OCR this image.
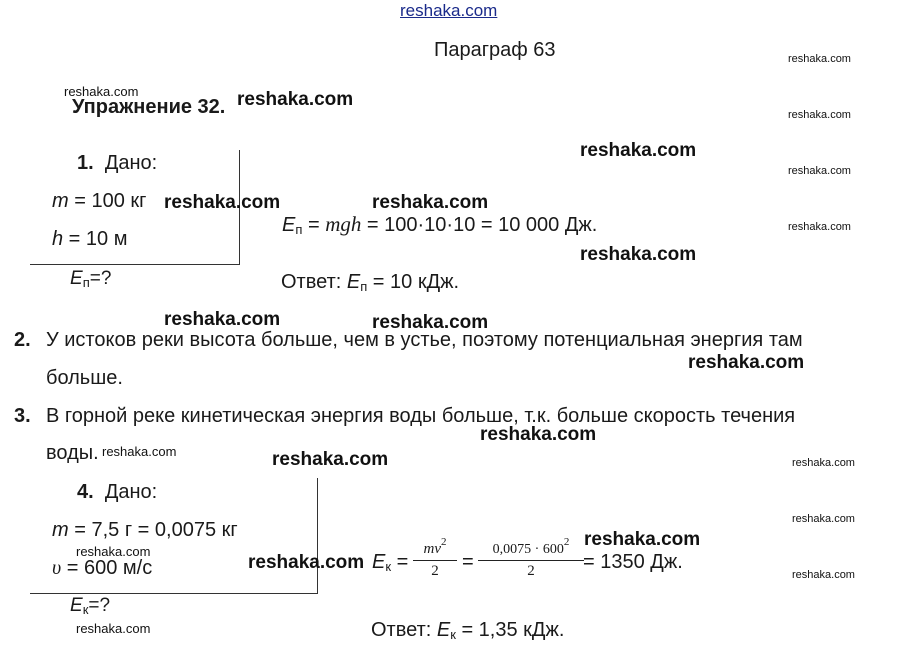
reshaka.com
Параграф 63
Упражнение 32.
1. Дано:
m = 100 кг
h = 10 м
$E_п=$?
$E_п$ = mgh = 100·10·10 = 10 000 Дж.
Ответ: $E_п = 10$ кДж.
2. У истоков реки высота больше, чем в устье, поэтому потенциальная энергия там
больше.
3. В горной реке кинетическая энергия воды больше, т.к. больше скорость течения
воды.
4. Дано:
m = 7,5 г = 0,0075 кг
υ = 600 м/с
$E_к=$?
$E_к$ =
$mv^2$
2	=
$0,0075 \cdot 600^2$
2	= 1350 Дж.
Ответ: $E_к = 1,35$ кДж.
reshaka.com
reshaka.com
reshaka.com	reshaka.com
reshaka.com
reshaka.com	reshaka.com
reshaka.com
reshaka.com
reshaka.com
reshaka.com
reshaka.com
reshaka.com
reshaka.com
reshaka.com
reshaka.com
reshaka.com
reshaka.com
reshaka.com
reshaka.com
reshaka.com
reshaka.com
reshaka.com
